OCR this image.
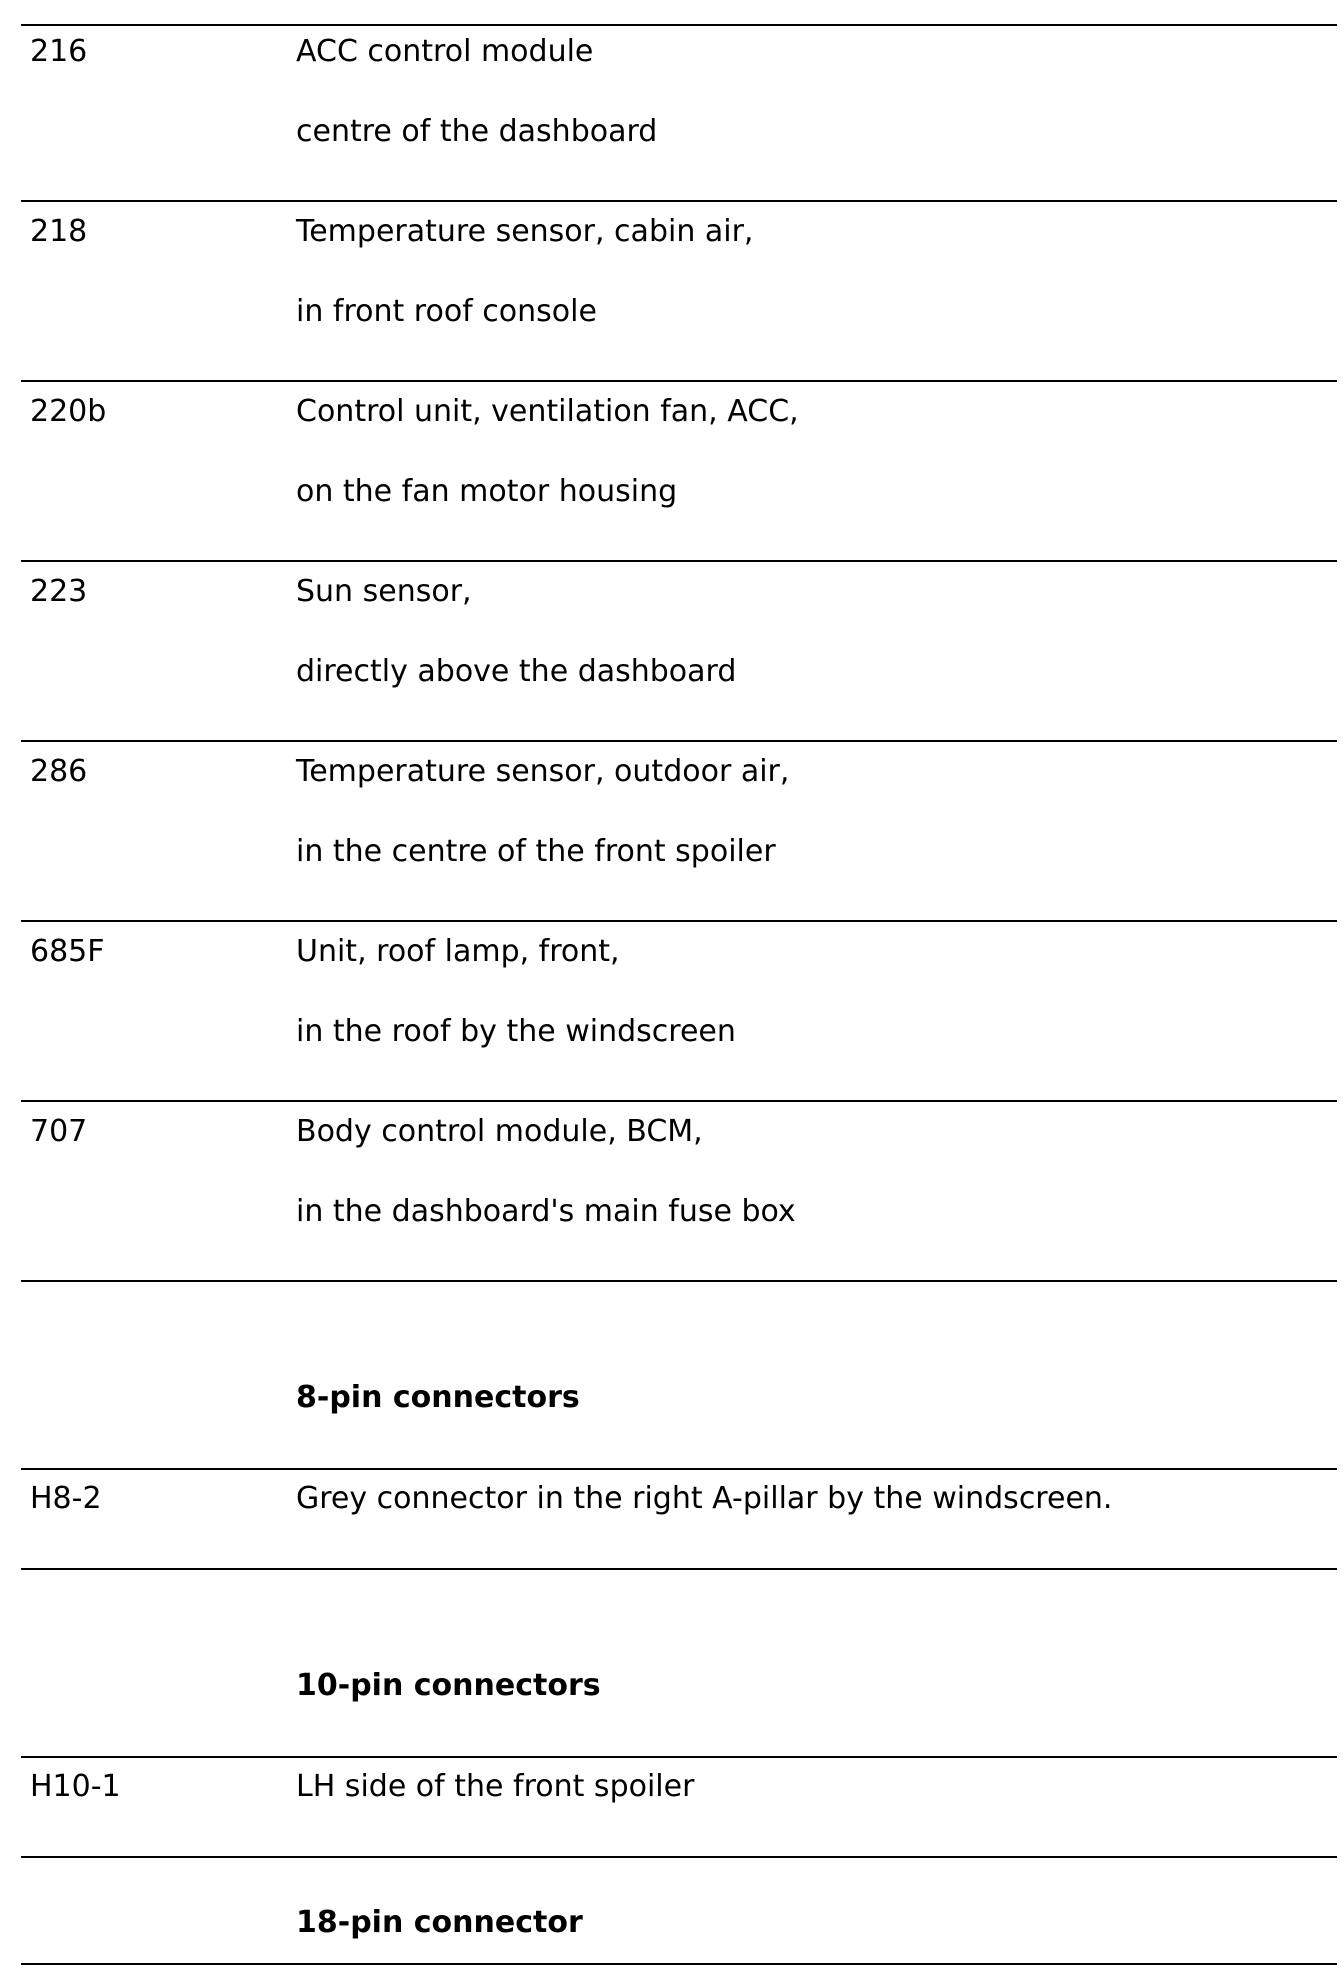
216	ACC control module
centre of the dashboard
218	Temperature sensor, cabin air,
in front roof console
220b	Control unit, ventilation fan, ACC,
on the fan motor housing
223	Sun sensor,
directly above the dashboard
286	Temperature sensor, outdoor air,
in the centre of the front spoiler
685F	Unit, roof lamp, front,
in the roof by the windscreen
707	Body control module, BCM,
in the dashboard's main fuse box
8-pin connectors
H8-2	Grey connector in the right A-pillar by the windscreen.
10-pin connectors
H10-1	LH side of the front spoiler
18-pin connector
